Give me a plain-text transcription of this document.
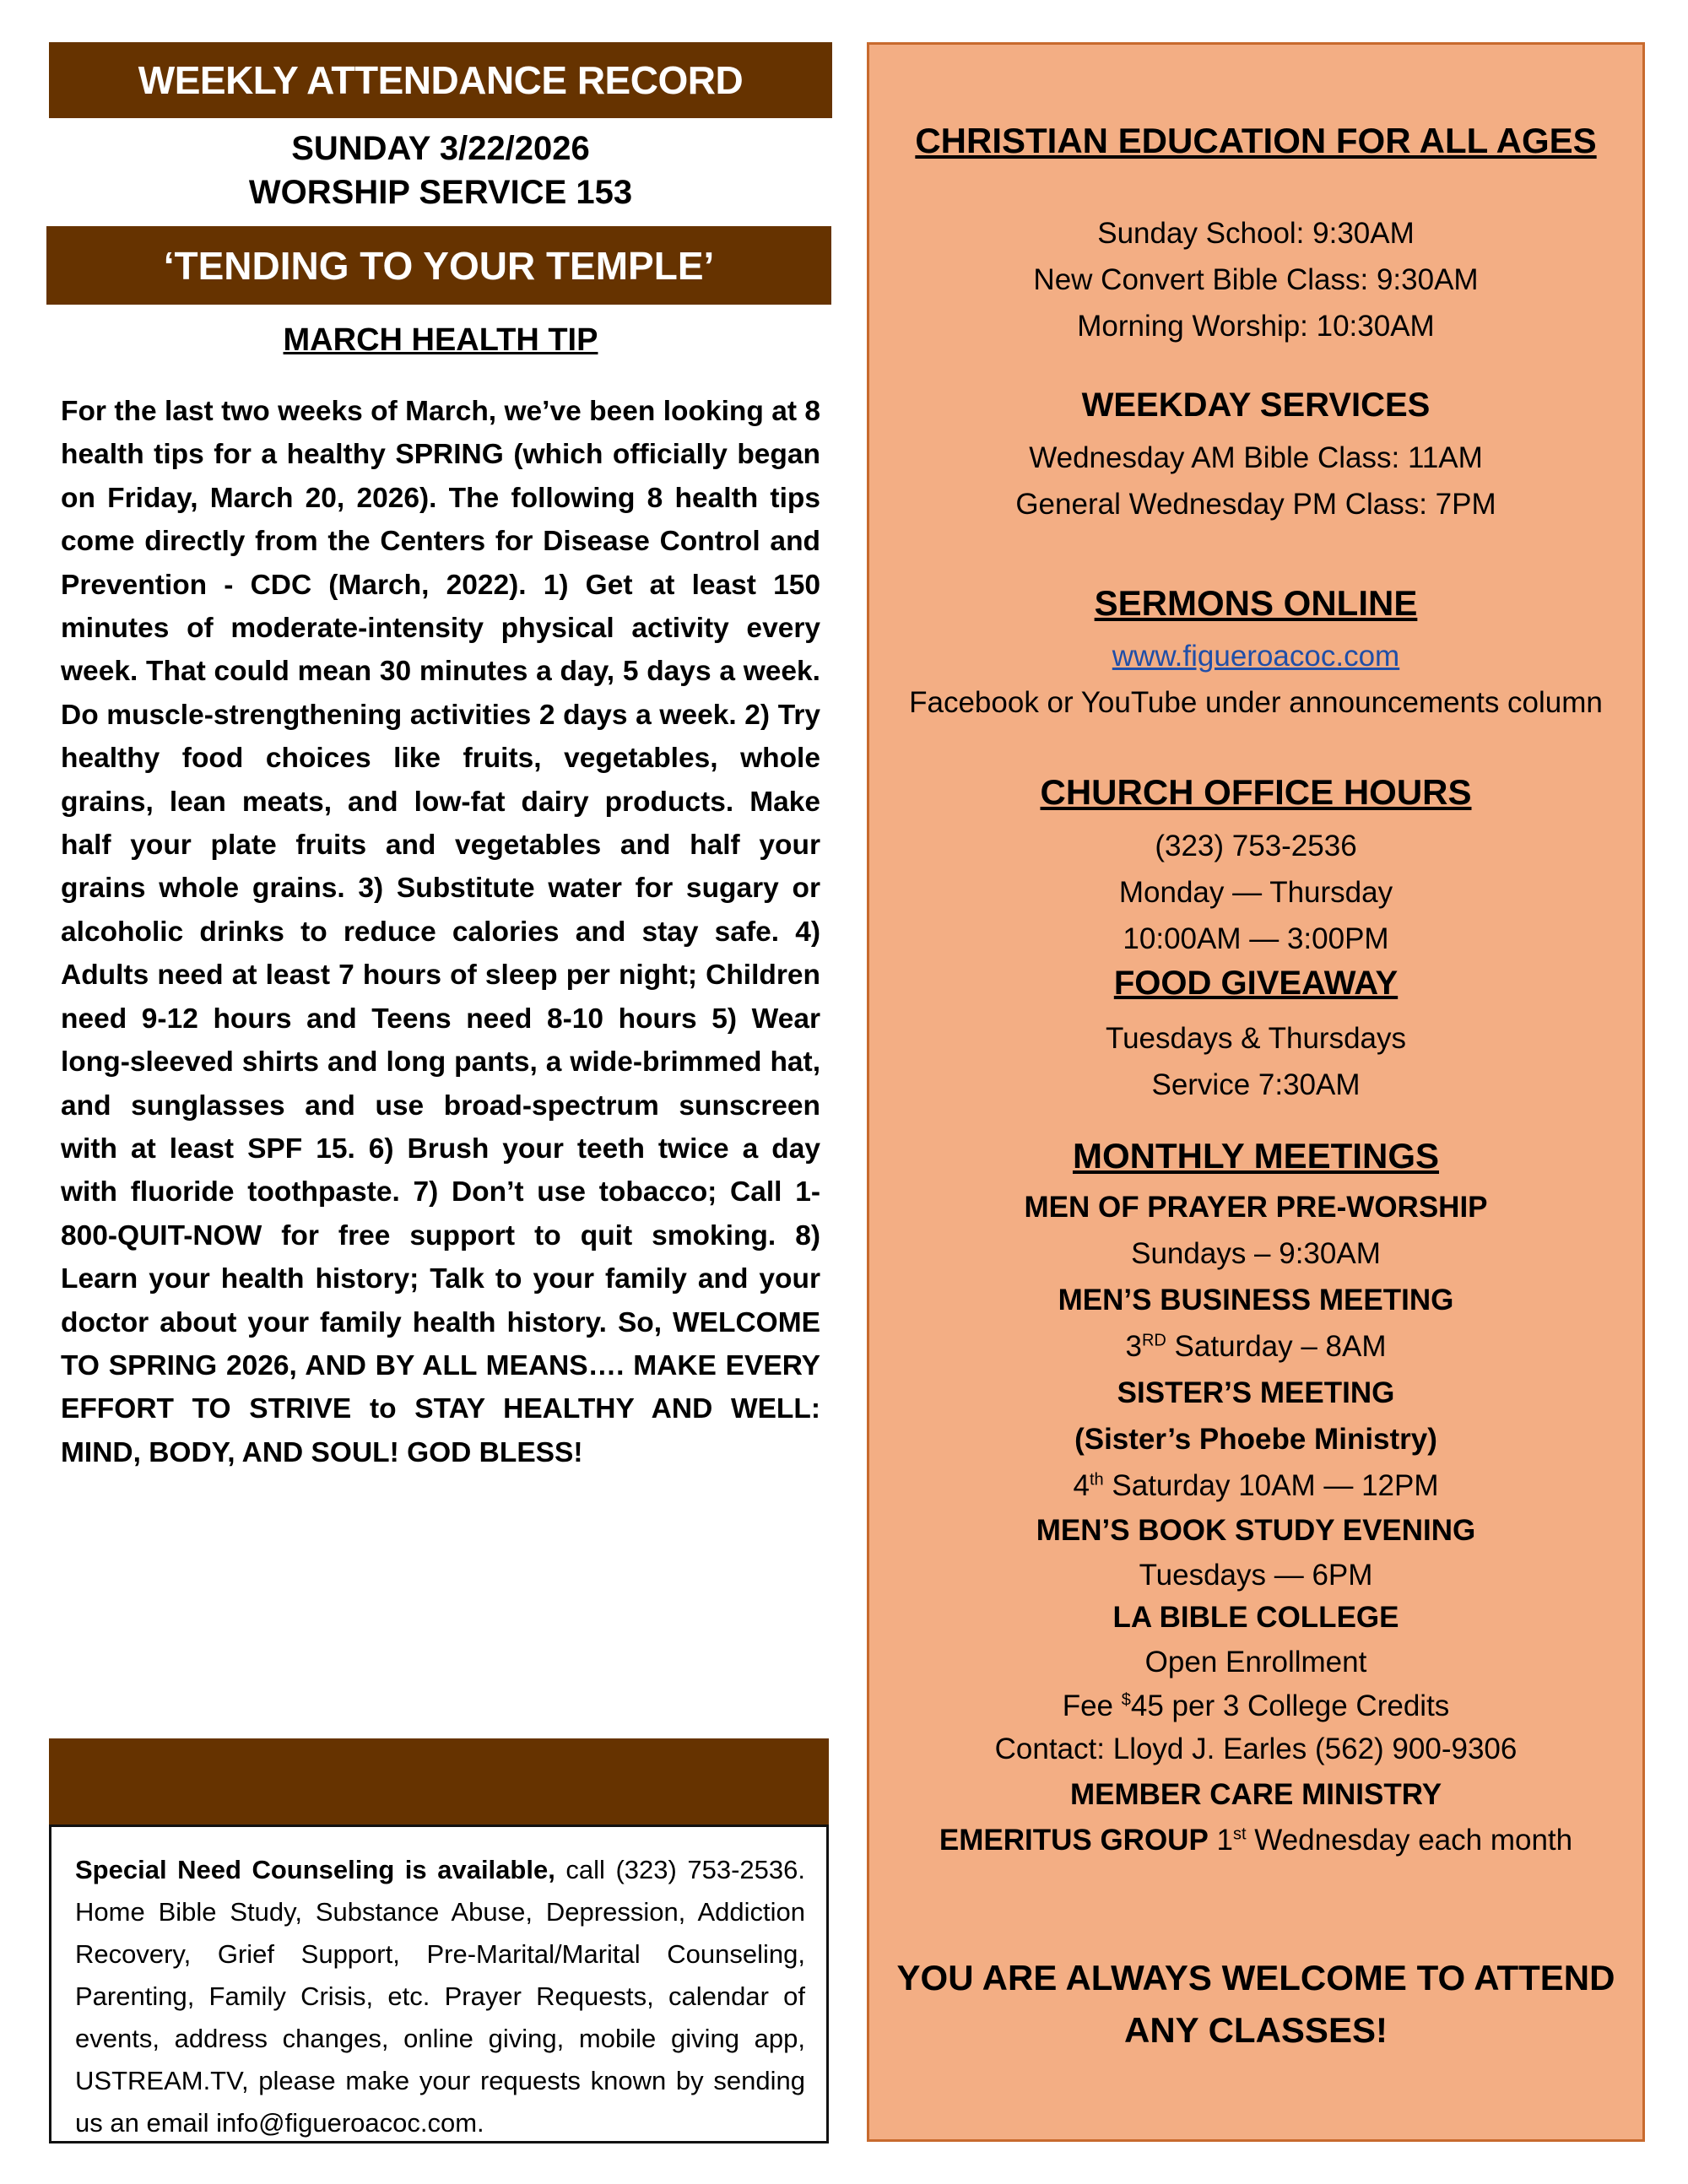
WEEKLY ATTENDANCE RECORD
SUNDAY 3/22/2026
WORSHIP SERVICE 153
‘TENDING TO YOUR TEMPLE’
MARCH HEALTH TIP
For the last two weeks of March, we’ve been looking at 8 health tips for a healthy SPRING (which officially began on Friday, March 20, 2026). The following 8 health tips come directly from the Centers for Disease Control and Prevention - CDC (March, 2022). 1) Get at least 150 minutes of moderate-intensity physical activity every week. That could mean 30 minutes a day, 5 days a week. Do muscle-strengthening activities 2 days a week. 2) Try healthy food choices like fruits, vegetables, whole grains, lean meats, and low-fat dairy products. Make half your plate fruits and vegetables and half your grains whole grains. 3) Substitute water for sugary or alcoholic drinks to reduce calories and stay safe. 4) Adults need at least 7 hours of sleep per night; Children need 9-12 hours and Teens need 8-10 hours 5) Wear long-sleeved shirts and long pants, a wide-brimmed hat, and sunglasses and use broad-spectrum sunscreen with at least SPF 15. 6) Brush your teeth twice a day with fluoride toothpaste. 7) Don’t use tobacco; Call 1-800-QUIT-NOW for free support to quit smoking. 8) Learn your health history; Talk to your family and your doctor about your family health history. So, WELCOME TO SPRING 2026, AND BY ALL MEANS…. MAKE EVERY EFFORT TO STRIVE to STAY HEALTHY AND WELL: MIND, BODY, AND SOUL! GOD BLESS!
Special Need Counseling is available, call (323) 753-2536. Home Bible Study, Substance Abuse, Depression, Addiction Recovery, Grief Support, Pre-Marital/Marital Counseling, Parenting, Family Crisis, etc. Prayer Requests, calendar of events, address changes, online giving, mobile giving app, USTREAM.TV, please make your requests known by sending us an email info@figueroacoc.com.
CHRISTIAN EDUCATION FOR ALL AGES
Sunday School: 9:30AM
New Convert Bible Class: 9:30AM
Morning Worship: 10:30AM
WEEKDAY SERVICES
Wednesday AM Bible Class: 11AM
General Wednesday PM Class: 7PM
SERMONS ONLINE
www.figueroacoc.com
Facebook or YouTube under announcements column
CHURCH OFFICE HOURS
(323) 753-2536
Monday — Thursday
10:00AM — 3:00PM
FOOD GIVEAWAY
Tuesdays & Thursdays
Service 7:30AM
MONTHLY MEETINGS
MEN OF PRAYER PRE-WORSHIP
Sundays – 9:30AM
MEN’S BUSINESS MEETING
3RD Saturday – 8AM
SISTER’S MEETING
(Sister’s Phoebe Ministry)
4th Saturday 10AM — 12PM
MEN’S BOOK STUDY EVENING
Tuesdays — 6PM
LA BIBLE COLLEGE
Open Enrollment
Fee $45 per 3 College Credits
Contact: Lloyd J. Earles (562) 900-9306
MEMBER CARE MINISTRY
EMERITUS GROUP 1st Wednesday each month
YOU ARE ALWAYS WELCOME TO ATTEND
ANY CLASSES!
